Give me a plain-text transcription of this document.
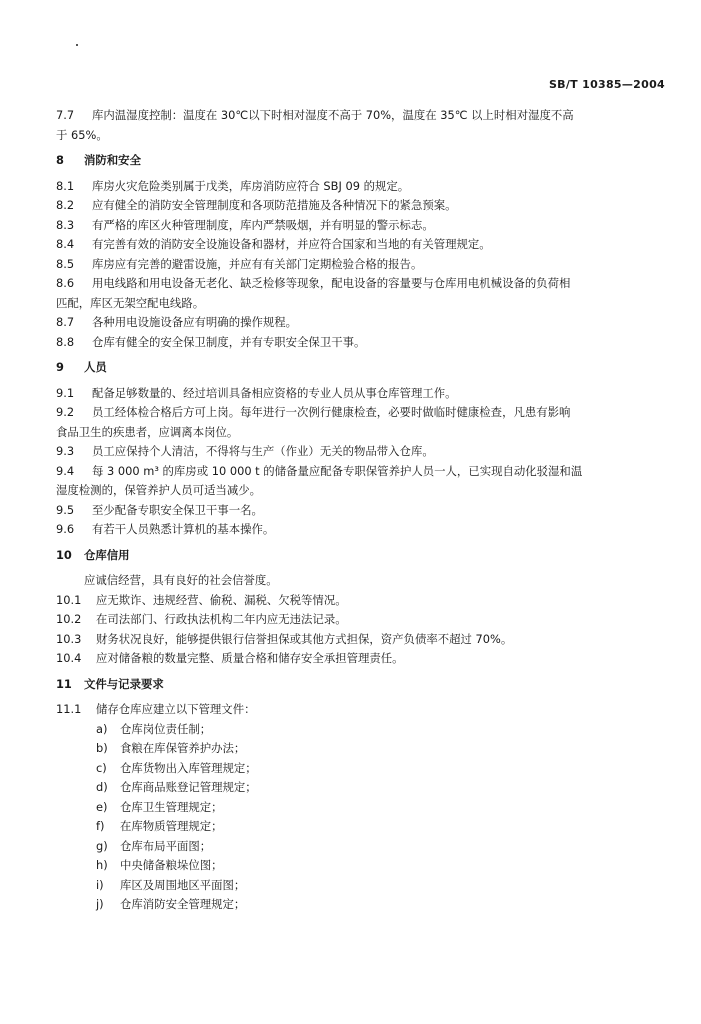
SB/T 10385—2004
7.7 库内温湿度控制：温度在 30℃以下时相对湿度不高于 70%，温度在 35℃ 以上时相对湿度不高
于 65%。
8 消防和安全
8.1 库房火灾危险类别属于戊类，库房消防应符合 SBJ 09 的规定。
8.2 应有健全的消防安全管理制度和各项防范措施及各种情况下的紧急预案。
8.3 有严格的库区火种管理制度，库内严禁吸烟，并有明显的警示标志。
8.4 有完善有效的消防安全设施设备和器材，并应符合国家和当地的有关管理规定。
8.5 库房应有完善的避雷设施，并应有有关部门定期检验合格的报告。
8.6 用电线路和用电设备无老化、缺乏检修等现象，配电设备的容量要与仓库用电机械设备的负荷相
匹配，库区无架空配电线路。
8.7 各种用电设施设备应有明确的操作规程。
8.8 仓库有健全的安全保卫制度，并有专职安全保卫干事。
9 人员
9.1 配备足够数量的、经过培训具备相应资格的专业人员从事仓库管理工作。
9.2 员工经体检合格后方可上岗。每年进行一次例行健康检查，必要时做临时健康检查，凡患有影响
食品卫生的疾患者，应调离本岗位。
9.3 员工应保持个人清洁，不得将与生产（作业）无关的物品带入仓库。
9.4 每 3 000 m³ 的库房或 10 000 t 的储备量应配备专职保管养护人员一人，已实现自动化驳湿和温
湿度检测的，保管养护人员可适当减少。
9.5 至少配备专职安全保卫干事一名。
9.6 有若干人员熟悉计算机的基本操作。
10 仓库信用
应诚信经营，具有良好的社会信誉度。
10.1 应无欺诈、违规经营、偷税、漏税、欠税等情况。
10.2 在司法部门、行政执法机构二年内应无违法记录。
10.3 财务状况良好，能够提供银行信誉担保或其他方式担保，资产负债率不超过 70%。
10.4 应对储备粮的数量完整、质量合格和储存安全承担管理责任。
11 文件与记录要求
11.1 储存仓库应建立以下管理文件：
a) 仓库岗位责任制；
b) 食粮在库保管养护办法；
c) 仓库货物出入库管理规定；
d) 仓库商品账登记管理规定；
e) 仓库卫生管理规定；
f) 在库物质管理规定；
g) 仓库布局平面图；
h) 中央储备粮垛位图；
i) 库区及周围地区平面图；
j) 仓库消防安全管理规定；
